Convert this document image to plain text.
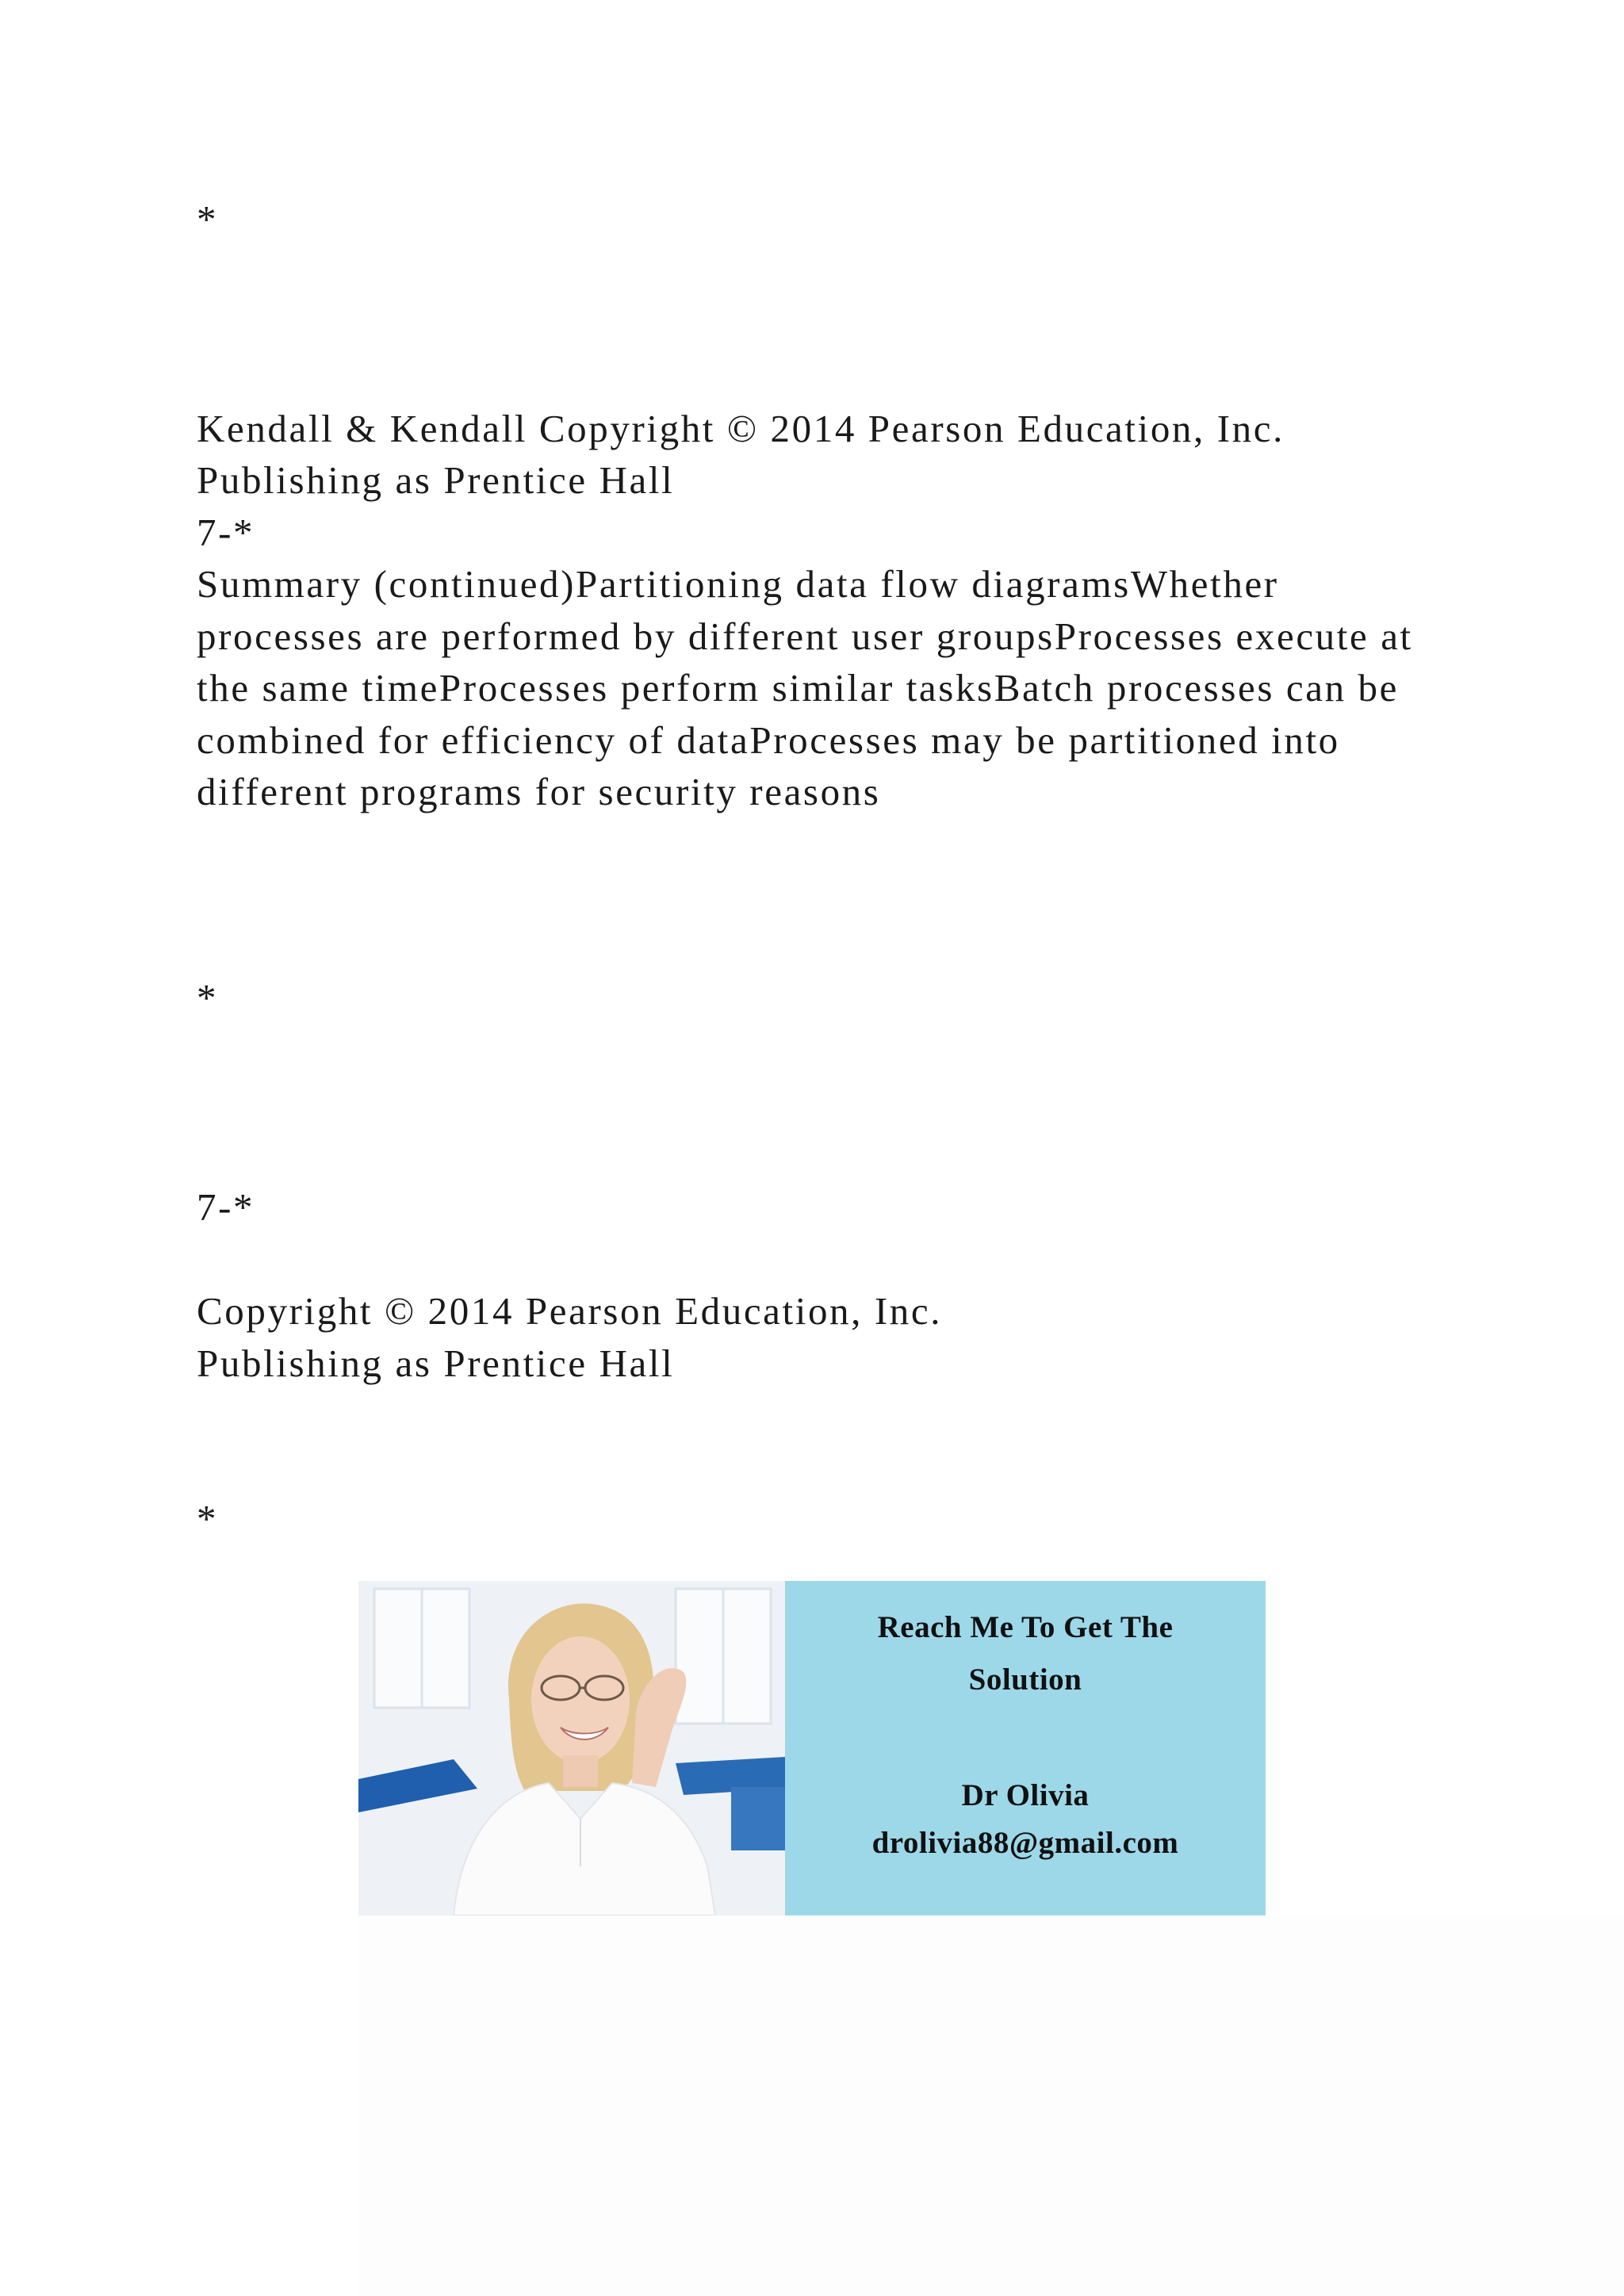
*

Kendall & Kendall Copyright © 2014 Pearson Education, Inc.

Publishing as Prentice Hall

7-*

Summary (continued)Partitioning data flow diagramsWhether processes are performed by different user groupsProcesses execute at the same timeProcesses perform similar tasksBatch processes can be combined for efficiency of dataProcesses may be partitioned into different programs for security reasons

*

7-*

Copyright © 2014 Pearson Education, Inc.

Publishing as Prentice Hall

*

Reach Me To Get The
Solution
Dr Olivia
drolivia88@gmail.com
